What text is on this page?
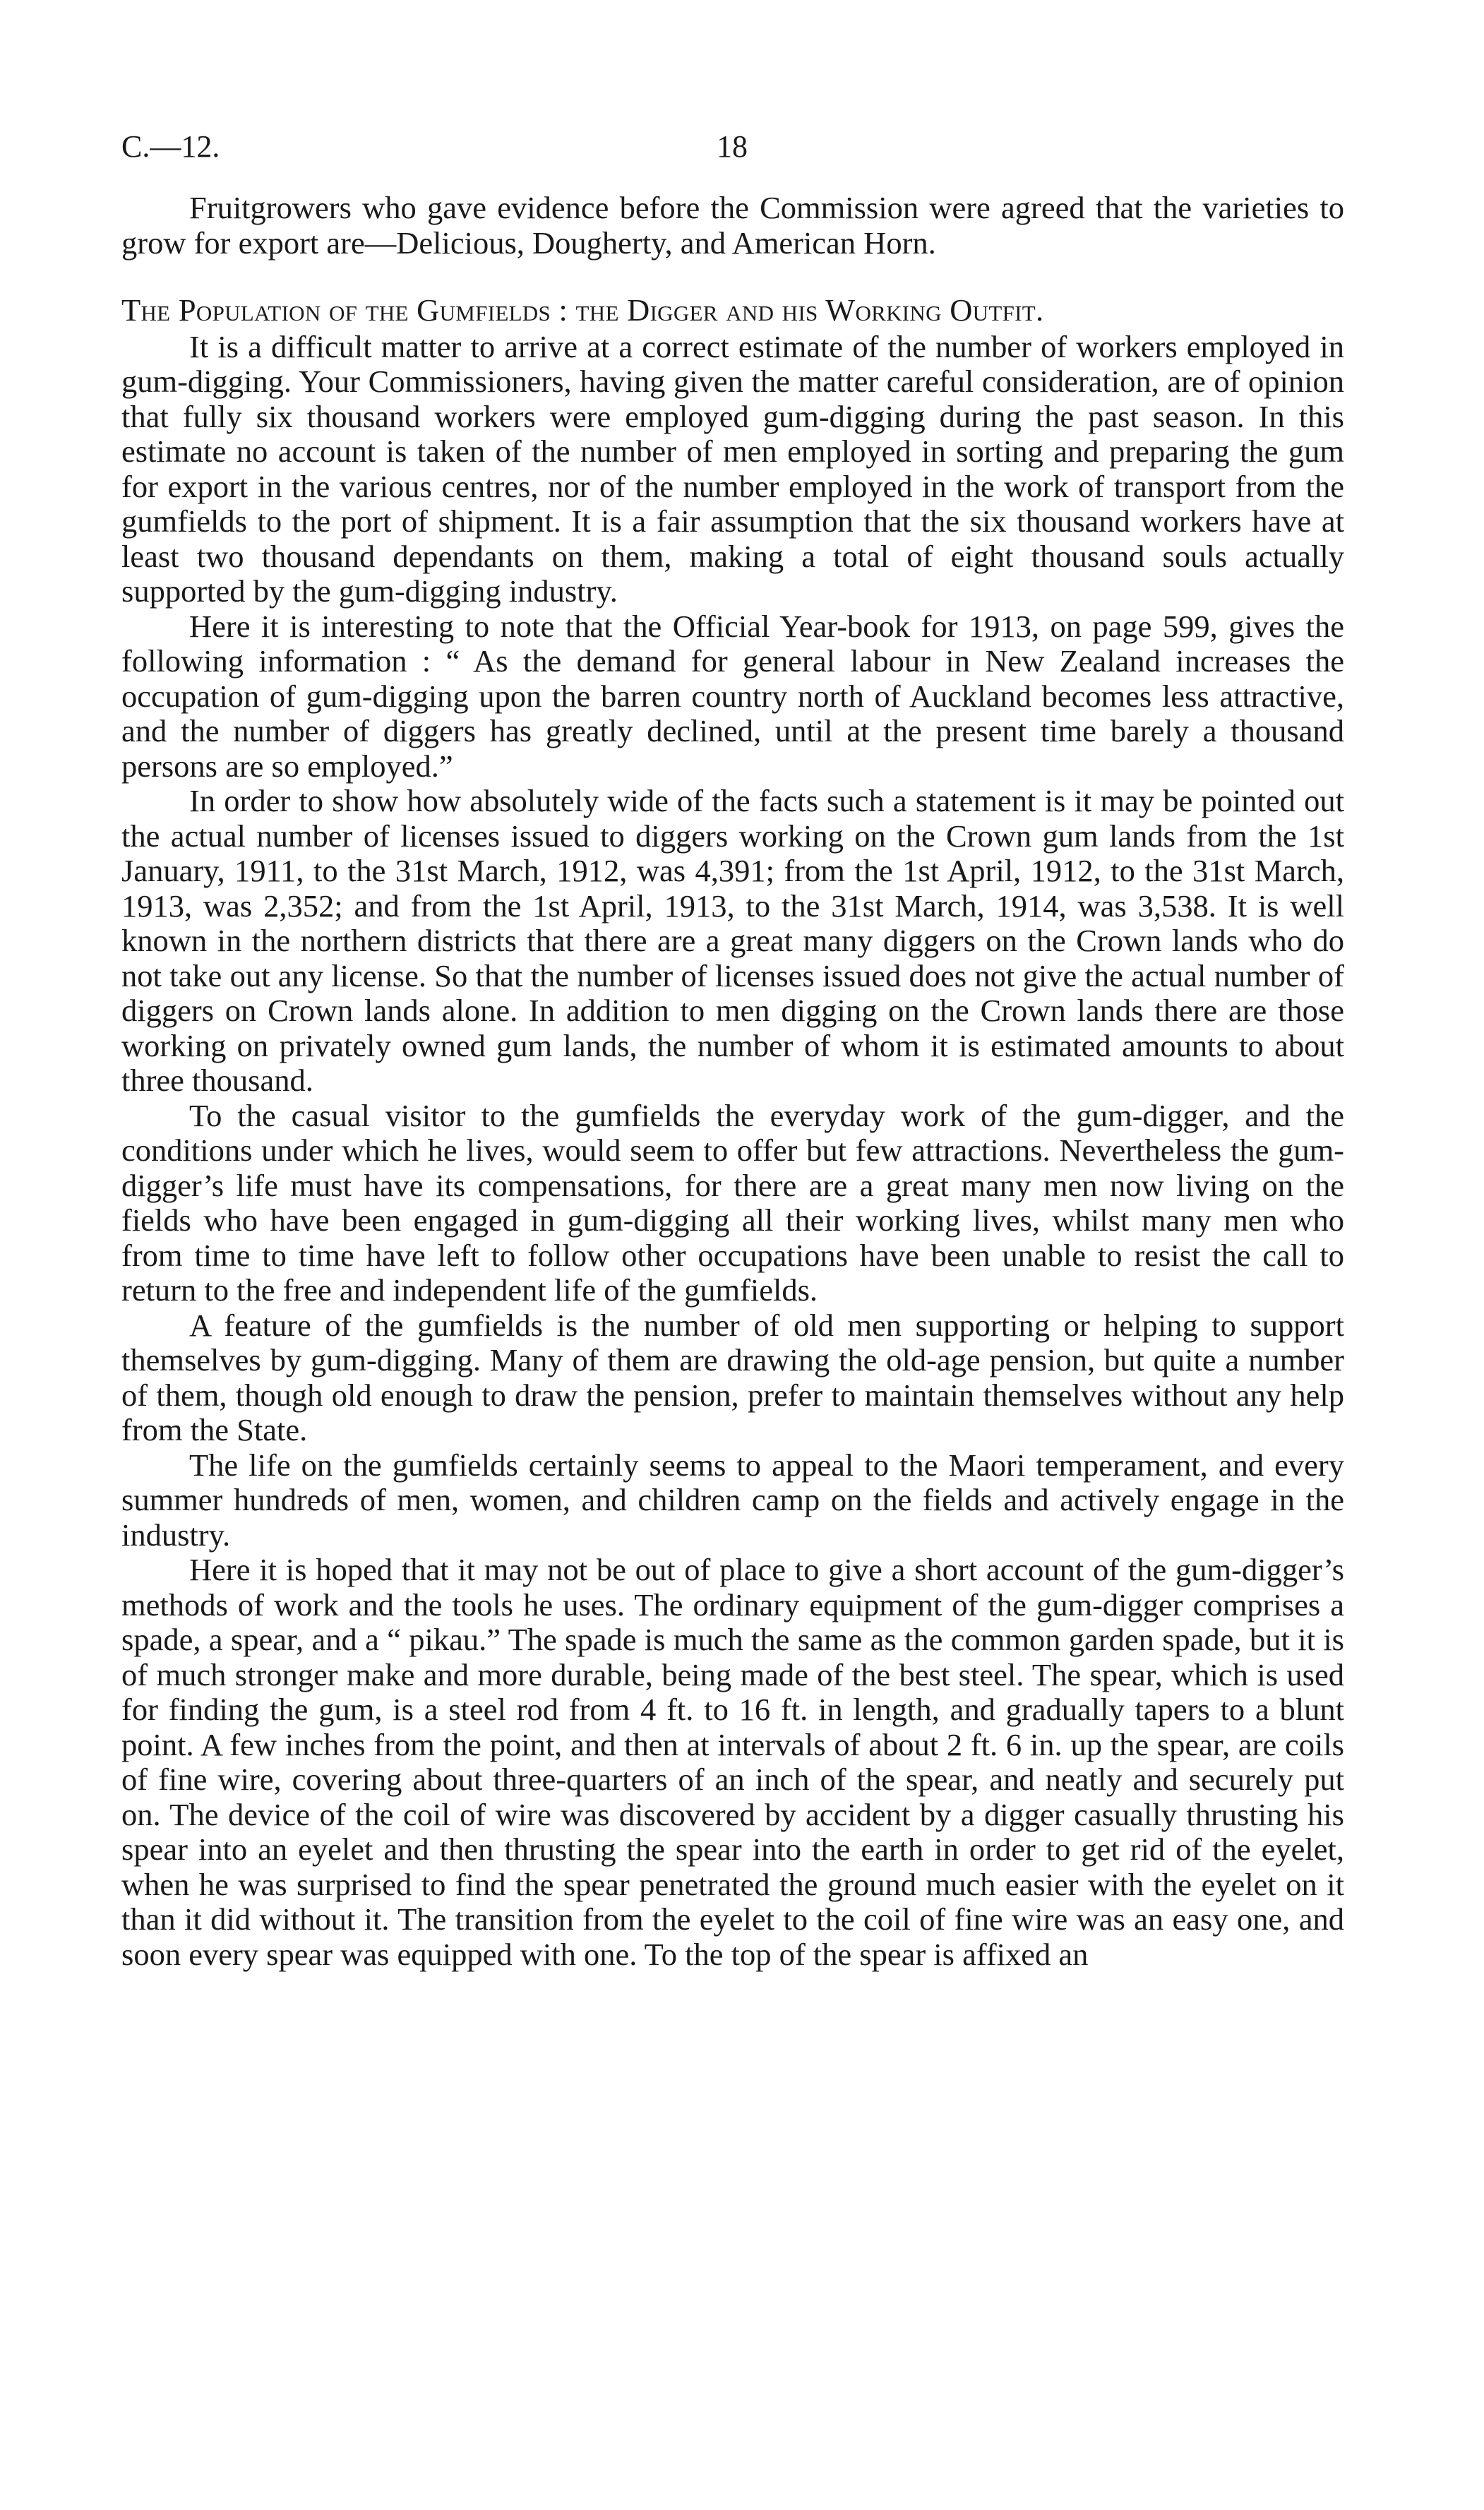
C.—12.	18

Fruitgrowers who gave evidence before the Commission were agreed that the varieties to grow for export are—Delicious, Dougherty, and American Horn.

The Population of the Gumfields : the Digger and his Working Outfit.

It is a difficult matter to arrive at a correct estimate of the number of workers employed in gum-digging. Your Commissioners, having given the matter careful consideration, are of opinion that fully six thousand workers were employed gum-digging during the past season. In this estimate no account is taken of the number of men employed in sorting and preparing the gum for export in the various centres, nor of the number employed in the work of transport from the gumfields to the port of shipment. It is a fair assumption that the six thousand workers have at least two thousand dependants on them, making a total of eight thousand souls actually supported by the gum-digging industry.

Here it is interesting to note that the Official Year-book for 1913, on page 599, gives the following information : “ As the demand for general labour in New Zealand increases the occupation of gum-digging upon the barren country north of Auckland becomes less attractive, and the number of diggers has greatly declined, until at the present time barely a thousand persons are so employed.”

In order to show how absolutely wide of the facts such a statement is it may be pointed out the actual number of licenses issued to diggers working on the Crown gum lands from the 1st January, 1911, to the 31st March, 1912, was 4,391; from the 1st April, 1912, to the 31st March, 1913, was 2,352; and from the 1st April, 1913, to the 31st March, 1914, was 3,538. It is well known in the northern districts that there are a great many diggers on the Crown lands who do not take out any license. So that the number of licenses issued does not give the actual number of diggers on Crown lands alone. In addition to men digging on the Crown lands there are those working on privately owned gum lands, the number of whom it is estimated amounts to about three thousand.

To the casual visitor to the gumfields the everyday work of the gum-digger, and the conditions under which he lives, would seem to offer but few attractions. Nevertheless the gum-digger’s life must have its compensations, for there are a great many men now living on the fields who have been engaged in gum-digging all their working lives, whilst many men who from time to time have left to follow other occupations have been unable to resist the call to return to the free and independent life of the gumfields.

A feature of the gumfields is the number of old men supporting or helping to support themselves by gum-digging. Many of them are drawing the old-age pension, but quite a number of them, though old enough to draw the pension, prefer to maintain themselves without any help from the State.

The life on the gumfields certainly seems to appeal to the Maori temperament, and every summer hundreds of men, women, and children camp on the fields and actively engage in the industry.

Here it is hoped that it may not be out of place to give a short account of the gum-digger’s methods of work and the tools he uses. The ordinary equipment of the gum-digger comprises a spade, a spear, and a “ pikau.” The spade is much the same as the common garden spade, but it is of much stronger make and more durable, being made of the best steel. The spear, which is used for finding the gum, is a steel rod from 4 ft. to 16 ft. in length, and gradually tapers to a blunt point. A few inches from the point, and then at intervals of about 2 ft. 6 in. up the spear, are coils of fine wire, covering about three-quarters of an inch of the spear, and neatly and securely put on. The device of the coil of wire was discovered by accident by a digger casually thrusting his spear into an eyelet and then thrusting the spear into the earth in order to get rid of the eyelet, when he was surprised to find the spear penetrated the ground much easier with the eyelet on it than it did without it. The transition from the eyelet to the coil of fine wire was an easy one, and soon every spear was equipped with one. To the top of the spear is affixed an
